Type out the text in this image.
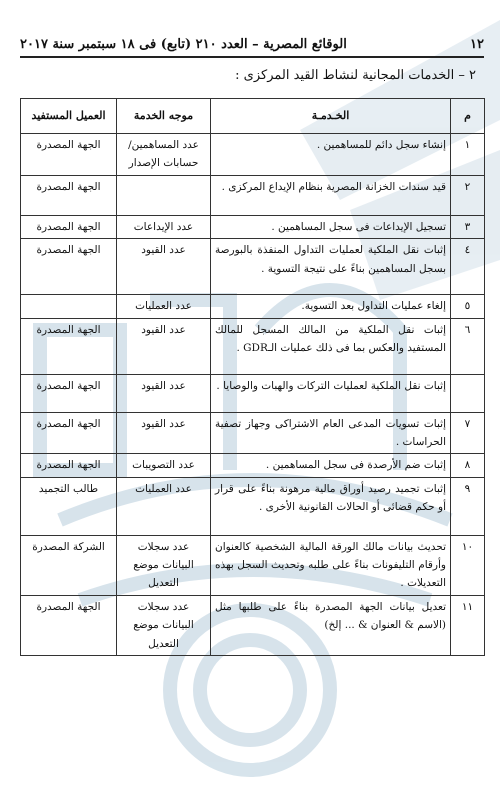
١٢
الوقائع المصرية – العدد ٢١٠ (تابع) فى ١٨ سبتمبر سنة ٢٠١٧
٢ – الخدمات المجانية لنشاط القيد المركزى :
م	الخـدمـة	موجه الخدمة	العميل المستفيد
١	إنشاء سجل دائم للمساهمين .	عدد المساهمين/ حسابات الإصدار	الجهة المصدرة
٢	قيد سندات الخزانة المصرية بنظام الإيداع المركزى .		الجهة المصدرة
٣	تسجيل الإيداعات فى سجل المساهمين .	عدد الإيداعات	الجهة المصدرة
٤	إثبات نقل الملكية لعمليات التداول المنفذة بالبورصة بسجل المساهمين بناءً على نتيجة التسوية .	عدد القيود	الجهة المصدرة
٥	إلغاء عمليات التداول بعد التسوية.	عدد العمليات	
٦	إثبات نقل الملكية من المالك المسجل للمالك المستفيد والعكس بما فى ذلك عمليات الـGDR .	عدد القيود	الجهة المصدرة
	إثبات نقل الملكية لعمليات التركات والهبات والوصايا .	عدد القيود	الجهة المصدرة
٧	إثبات تسويات المدعى العام الاشتراكى وجهاز تصفية الحراسات .	عدد القيود	الجهة المصدرة
٨	إثبات ضم الأرصدة فى سجل المساهمين .	عدد التصويبات	الجهة المصدرة
٩	إثبات تجميد رصيد أوراق مالية مرهونة بناءً على قرار أو حكم قضائى أو الحالات القانونية الأخرى .	عدد العمليات	طالب التجميد
١٠	تحديث بيانات مالك الورقة المالية الشخصية كالعنوان وأرقام التليفونات بناءً على طلبه وتحديث السجل بهذه التعديلات .	عدد سجلات البيانات موضع التعديل	الشركة المصدرة
١١	تعديل بيانات الجهة المصدرة بناءً على طلبها مثل (الاسم & العنوان & ... إلخ)	عدد سجلات البيانات موضع التعديل	الجهة المصدرة
